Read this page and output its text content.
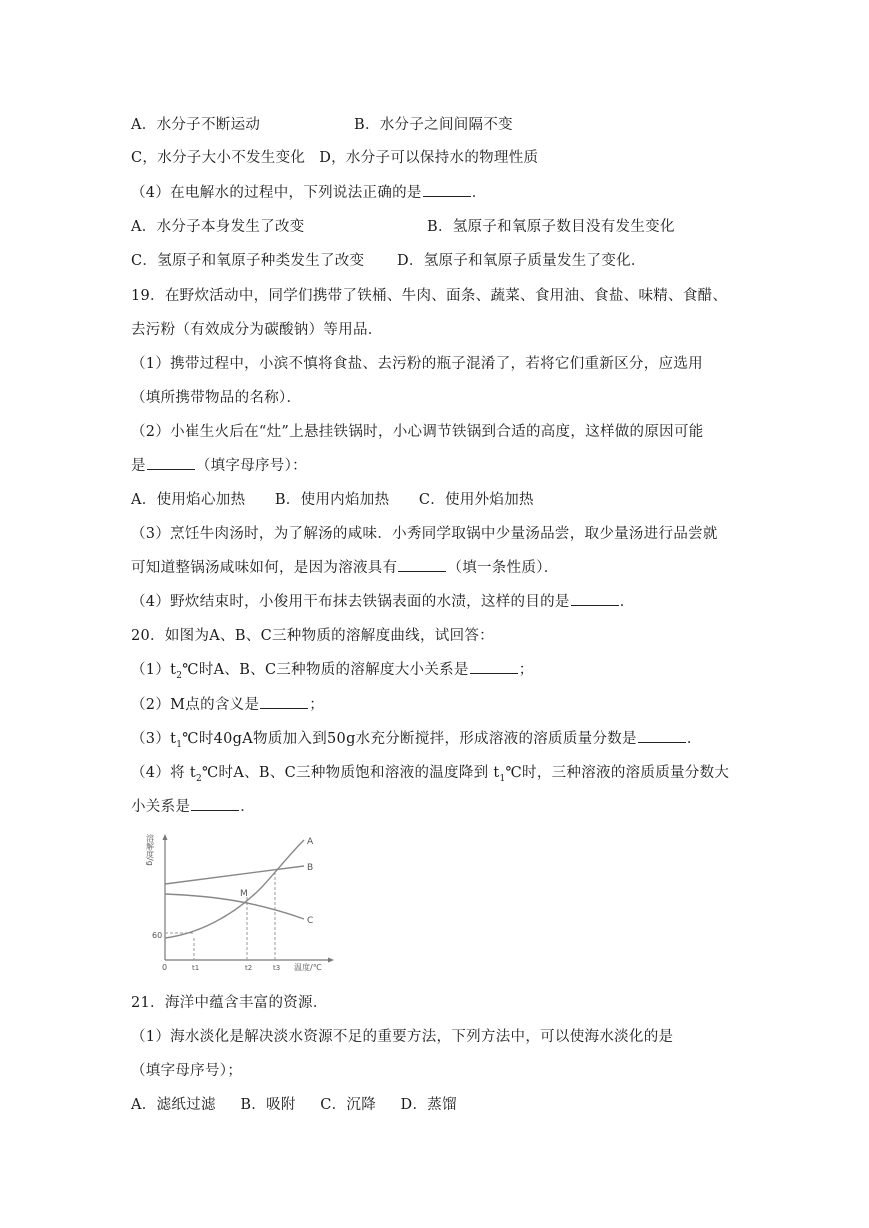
A．水分子不断运动	B．水分子之间间隔不变
C，水分子大小不发生变化 D，水分子可以保持水的物理性质
（4）在电解水的过程中，下列说法正确的是	．
A．水分子本身发生了改变	B．氢原子和氧原子数目没有发生变化
C．氢原子和氧原子种类发生了改变 D．氢原子和氧原子质量发生了变化．
19．在野炊活动中，同学们携带了铁桶、牛肉、面条、蔬菜、食用油、食盐、味精、食醋、
去污粉（有效成分为碳酸钠）等用品．
（1）携带过程中，小滨不慎将食盐、去污粉的瓶子混淆了，若将它们重新区分，应选用
（填所携带物品的名称）．
（2）小崔生火后在“灶”上悬挂铁锅时，小心调节铁锅到合适的高度，这样做的原因可能
是	（填字母序号）：
A．使用焰心加热      B．使用内焰加热      C．使用外焰加热
（3）烹饪牛肉汤时，为了解汤的咸味．小秀同学取锅中少量汤品尝，取少量汤进行品尝就
可知道整锅汤咸味如何，是因为溶液具有	（填一条性质）．
（4）野炊结束时，小俊用干布抹去铁锅表面的水渍，这样的目的是	．
20．如图为A、B、C三种物质的溶解度曲线，试回答：
$(1)t_2℃$时A、B、C三种物质的溶解度大小关系是	；
（2）M点的含义是	；
$(3)t_1℃$时40gA物质加入到50g水充分断搅拌，形成溶液的溶质质量分数是	．
（4）将 $t_2℃$时A、B、C三种物质饱和溶液的温度降到 $t_1℃$时，三种溶液的溶质质量分数大
小关系是	．
溶解度/g	A
B
C
M
60
0	t1	t2	t3 温度/℃
21．海洋中蕴含丰富的资源．
（1）海水淡化是解决淡水资源不足的重要方法，下列方法中，可以使海水淡化的是
（填字母序号）；
A．滤纸过滤     B．吸附     C．沉降     D．蒸馏
